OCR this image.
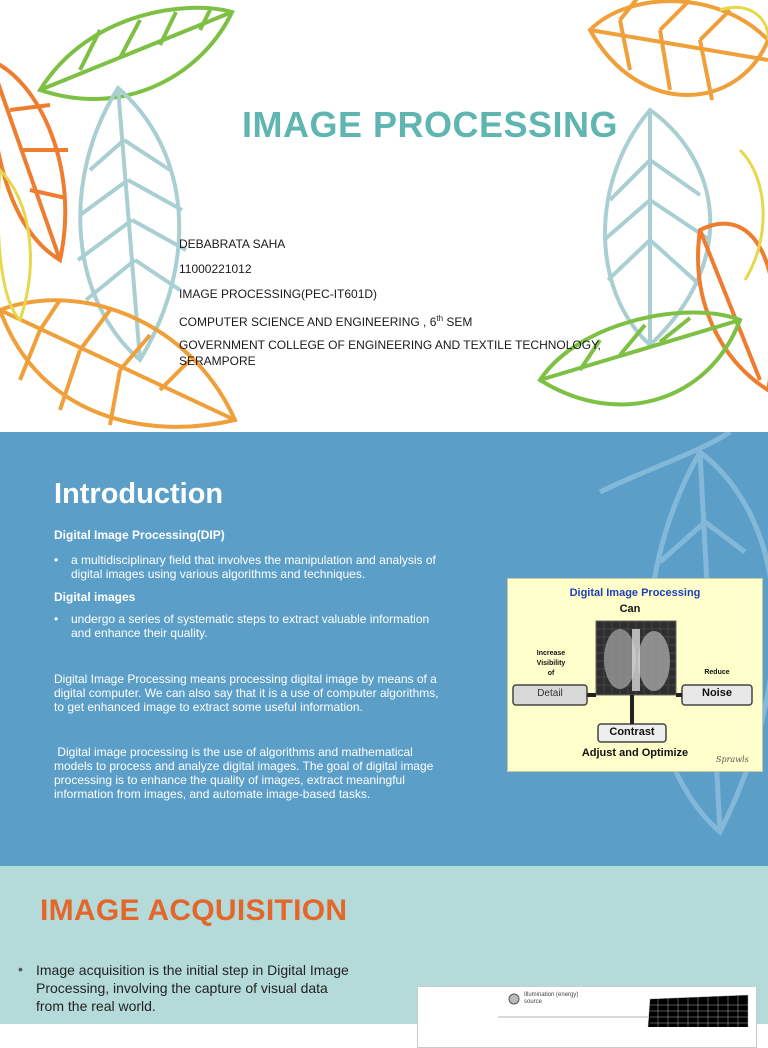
IMAGE PROCESSING
DEBABRATA SAHA
11000221012
IMAGE PROCESSING(PEC-IT601D)
COMPUTER SCIENCE AND ENGINEERING , 6th SEM
GOVERNMENT COLLEGE OF ENGINEERING AND TEXTILE TECHNOLOGY,
SERAMPORE
Introduction
Digital Image Processing(DIP)
• a multidisciplinary field that involves the manipulation and analysis of
digital images using various algorithms and techniques.
Digital images
• undergo a series of systematic steps to extract valuable information
and enhance their quality.
Digital Image Processing means processing digital image by means of a
digital computer. We can also say that it is a use of computer algorithms,
to get enhanced image to extract some useful information.
Digital image processing is the use of algorithms and mathematical
models to process and analyze digital images. The goal of digital image
processing is to enhance the quality of images, extract meaningful
information from images, and automate image-based tasks.
Digital Image Processing
Can
Increase
Visibility
of
Detail
Reduce
Noise
Contrast
Adjust and Optimize
Sprawls
IMAGE ACQUISITION
• Image acquisition is the initial step in Digital Image
Processing, involving the capture of visual data
from the real world.
Illumination (energy)
source
